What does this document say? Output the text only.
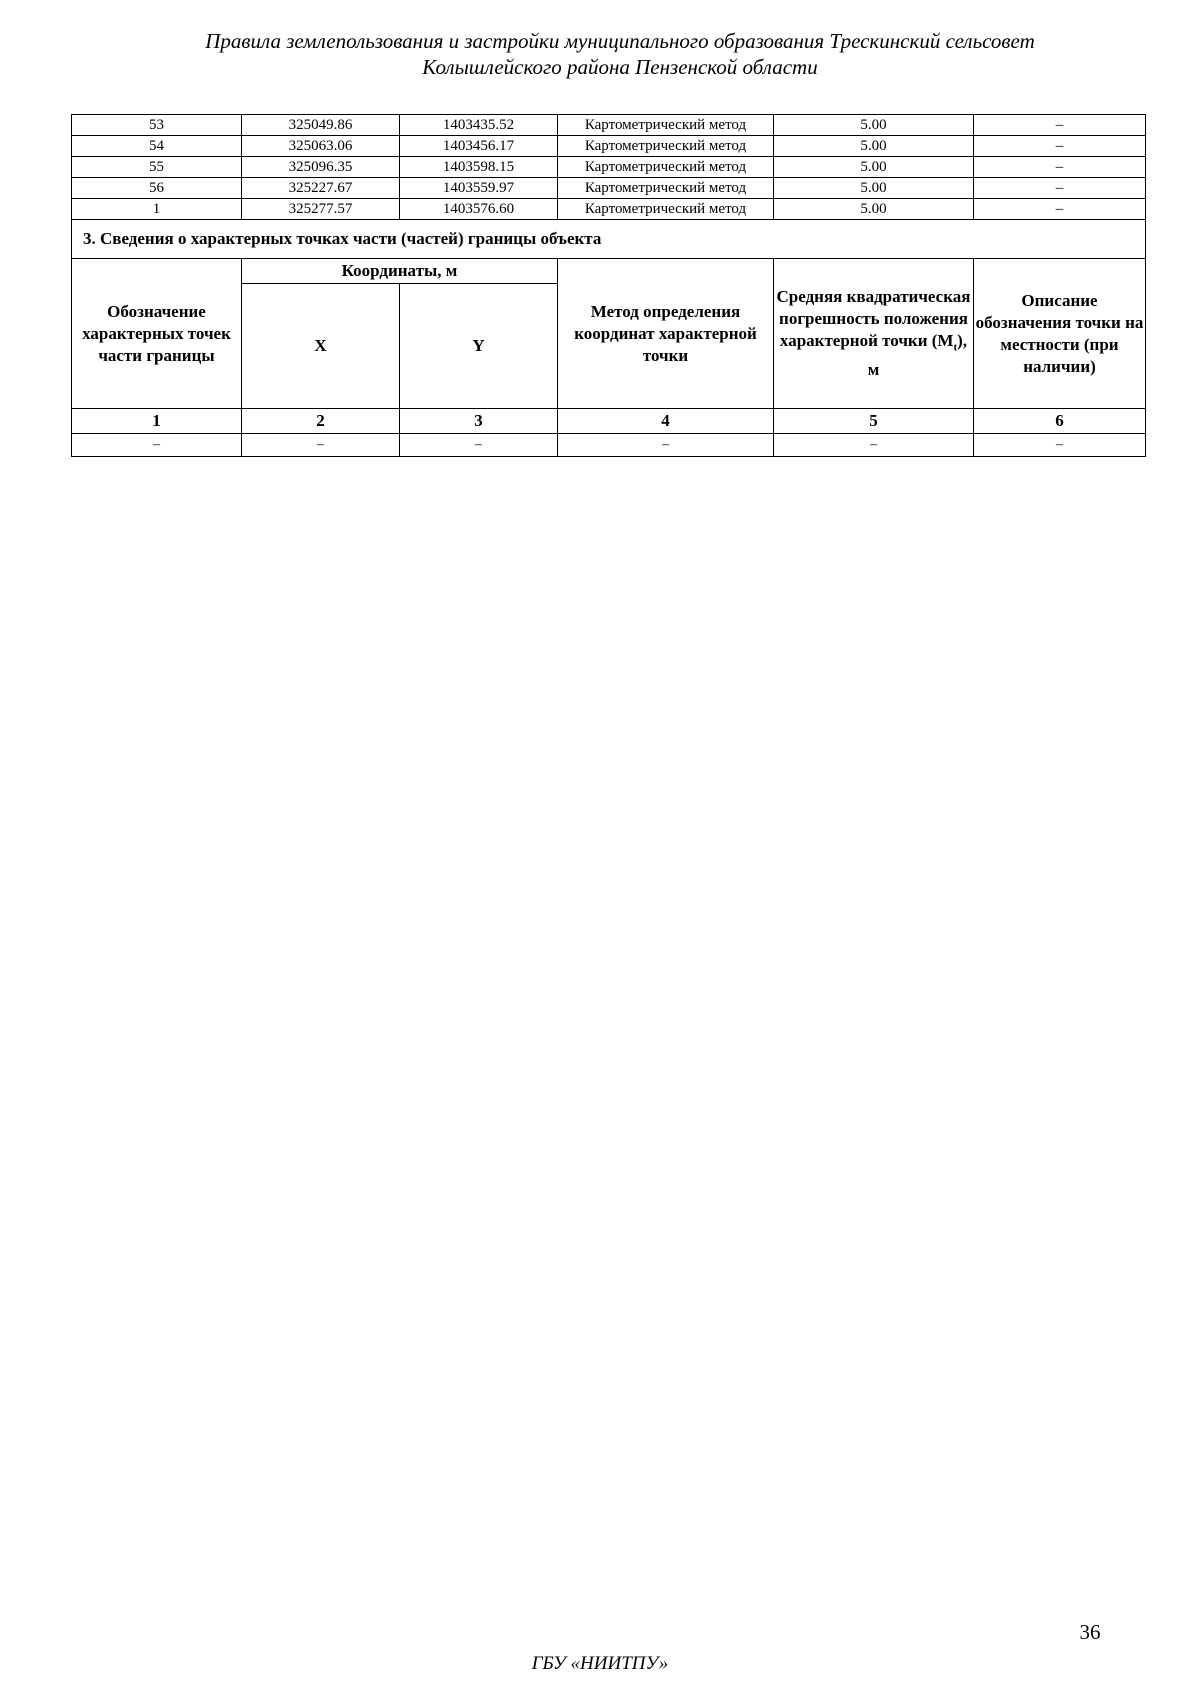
Правила землепользования и застройки муниципального образования Трескинский сельсовет
Колышлейского района Пензенской области
53	325049.86	1403435.52	Картометрический метод	5.00	–
54	325063.06	1403456.17	Картометрический метод	5.00	–
55	325096.35	1403598.15	Картометрический метод	5.00	–
56	325227.67	1403559.97	Картометрический метод	5.00	–
1	325277.57	1403576.60	Картометрический метод	5.00	–
3. Сведения о характерных точках части (частей) границы объекта					
Обозначение характерных точек части границы	Координаты, м		Метод определения координат характерной точки	Средняя квадратическая погрешность положения характерной точки $(M_t)$, м	Описание обозначения точки на местности (при наличии)
	X	Y			
1	2	3	4	5	6
–	–	–	–	–	–
36
ГБУ «НИИТПУ»
